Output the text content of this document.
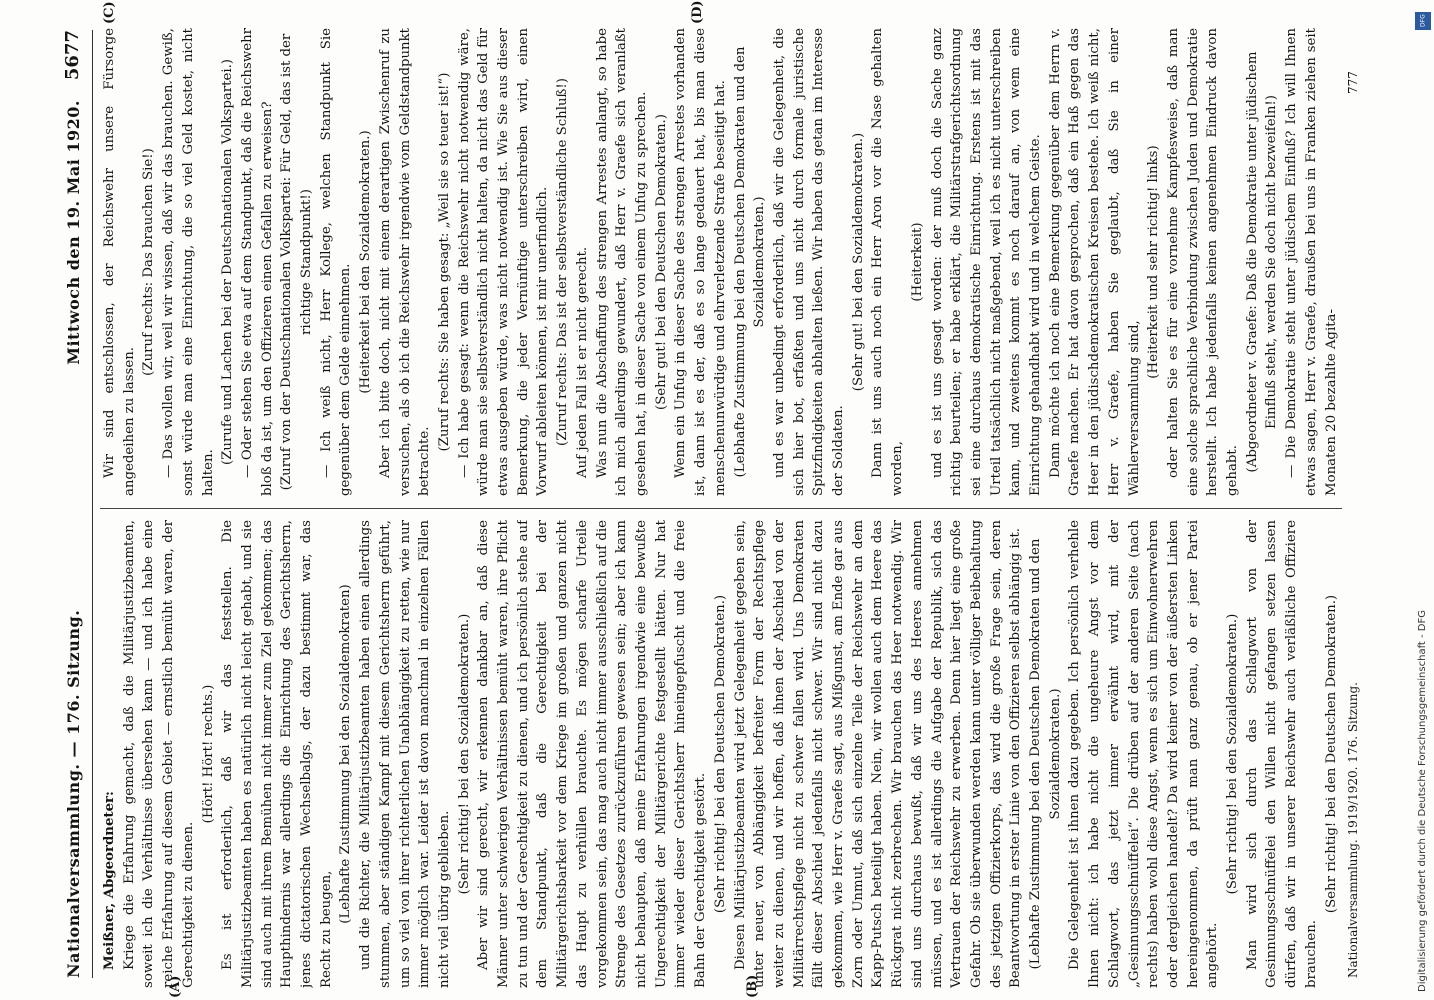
Nationalversammlung. — 176. Sitzung.
Mittwoch den 19. Mai 1920.
5677

Meißner, Abgeordneter: Kriege die Erfahrung gemacht, daß die Militärjustizbeamten, soweit ich die Verhältnisse übersehen kann — und ich habe eine reiche Erfahrung auf diesem Gebiet — ernstlich bemüht waren, der Gerechtigkeit zu dienen.

(Hört! Hört! rechts.) Es ist erforderlich, daß wir das feststellen. Die Militärjustizbeamten haben es natürlich nicht leicht gehabt, und sie sind auch mit ihrem Bemühen nicht immer zum Ziel gekommen; das Haupthindernis war allerdings die Einrichtung des Gerichtsherrn, jenes dictatorischen Wechselbalgs, der dazu bestimmt war, das Recht zu beugen,

(Lebhafte Zustimmung bei den Sozialdemokraten) und die Richter, die Militärjustizbeamten haben einen allerdings stummen, aber ständigen Kampf mit diesem Gerichtsherrn geführt, um so viel von ihrer richterlichen Unabhängigkeit zu retten, wie nur immer möglich war. Leider ist davon manchmal in einzelnen Fällen nicht viel übrig geblieben.

(Sehr richtig! bei den Sozialdemokraten.) Aber wir sind gerecht, wir erkennen dankbar an, daß diese Männer unter schwierigen Verhältnissen bemüht waren, ihre Pflicht zu tun und der Gerechtigkeit zu dienen, und ich persönlich stehe auf dem Standpunkt, daß die Gerechtigkeit bei der Militärgerichtsbarkeit vor dem Kriege im großen und ganzen nicht das Haupt zu verhüllen brauchte. Es mögen scharfe Urteile vorgekommen sein, das mag auch nicht immer ausschließlich auf die Strenge des Gesetzes zurückzuführen gewesen sein; aber ich kann nicht behaupten, daß meine Erfahrungen irgendwie eine bewußte Ungerechtigkeit der Militärgerichte festgestellt hätten. Nur hat immer wieder dieser Gerichtsherr hineingepfuscht und die freie Bahn der Gerechtigkeit gestört. (Sehr richtig! bei den Deutschen Demokraten.) Diesen Militärjustizbeamten wird jetzt Gelegenheit gegeben sein, unter neuer, von Abhängigkeit befreiter Form der Rechtspflege weiter zu dienen, und wir hoffen, daß ihnen der Abschied von der Militärrechtspflege nicht zu schwer fallen wird. Uns Demokraten fällt dieser Abschied jedenfalls nicht schwer. Wir sind nicht dazu gekommen, wie Herr v. Graefe sagt, aus Mißgunst, am Ende gar aus Zorn oder Unmut, daß sich einzelne Teile der Reichswehr an dem Kapp-Putsch beteiligt haben. Nein, wir wollen auch dem Heere das Rückgrat nicht zerbrechen. Wir brauchen das Heer notwendig. Wir sind uns durchaus bewußt, daß wir uns des Heeres annehmen müssen, und es ist allerdings die Aufgabe der Republik, sich das Vertrauen der Reichswehr zu erwerben. Denn hier liegt eine große Gefahr. Ob sie überwunden werden kann unter völliger Beibehaltung des jetzigen Offizierkorps, das wird die große Frage sein, deren Beantwortung in erster Linie von den Offizieren selbst abhängig ist. (Lebhafte Zustimmung bei den Deutschen Demokraten und den Sozialdemokraten.) Die Gelegenheit ist ihnen dazu gegeben. Ich persönlich verhehle Ihnen nicht: ich habe nicht die ungeheure Angst vor dem Schlagwort, das jetzt immer erwähnt wird, mit der „Gesinnungsschnüffelei“. Die drüben auf der anderen Seite (nach rechts) haben wohl diese Angst, wenn es sich um Einwohnerwehren oder dergleichen handelt? Da wird keiner von der äußersten Linken hereingenommen, da prüft man ganz genau, ob er jener Partei angehört.

(Sehr richtig! bei den Sozialdemokraten.) Man wird sich durch das Schlagwort von der Gesinnungsschnüffelei den Willen nicht gefangen setzen lassen dürfen, daß wir in unserer Reichswehr auch verläßliche Offiziere brauchen.

(Sehr richtig! bei den Deutschen Demokraten.)

Wir sind entschlossen, der Reichswehr unsere Fürsorge angedeihen zu lassen.

(Zuruf rechts: Das brauchen Sie!) — Das wollen wir, weil wir wissen, daß wir das brauchen. Gewiß, sonst würde man eine Einrichtung, die so viel Geld kostet, nicht halten.

(Zurufe und Lachen bei der Deutschnationalen Volkspartei.) — Oder stehen Sie etwa auf dem Standpunkt, daß die Reichswehr bloß da ist, um den Offizieren einen Gefallen zu erweisen? (Zuruf von der Deutschnationalen Volkspartei: Für Geld, das ist der richtige Standpunkt!) — Ich weiß nicht, Herr Kollege, welchen Standpunkt Sie gegenüber dem Gelde einnehmen. (Heiterkeit bei den Sozialdemokraten.) Aber ich bitte doch, nicht mit einem derartigen Zwischenruf zu versuchen, als ob ich die Reichswehr irgendwie vom Geldstandpunkt betrachte.

(Zuruf rechts: Sie haben gesagt: „Weil sie so teuer ist!“) — Ich habe gesagt: wenn die Reichswehr nicht notwendig wäre, würde man sie selbstverständlich nicht halten, da nicht das Geld für etwas ausgeben würde, was nicht notwendig ist. Wie Sie aus dieser Bemerkung, die jeder Vernünftige unterschreiben wird, einen Vorwurf ableiten können, ist mir unerfindlich. (Zuruf rechts: Das ist der selbstverständliche Schluß!) Auf jeden Fall ist er nicht gerecht. Was nun die Abschaffung des strengen Arrestes anlangt, so habe ich mich allerdings gewundert, daß Herr v. Graefe sich veranlaßt gesehen hat, in dieser Sache von einem Unfug zu sprechen. (Sehr gut! bei den Deutschen Demokraten.) Wenn ein Unfug in dieser Sache des strengen Arrestes vorhanden ist, dann ist es der, daß es so lange gedauert hat, bis man diese menschenunwürdige und ehrverletzende Strafe beseitigt hat. (Lebhafte Zustimmung bei den Deutschen Demokraten und den Sozialdemokraten.) und es war unbedingt erforderlich, daß wir die Gelegenheit, die sich hier bot, erfaßten und uns nicht durch formale juristische Spitzfindigkeiten abhalten ließen. Wir haben das getan im Interesse der Soldaten.

(Sehr gut! bei den Sozialdemokraten.) Dann ist uns auch noch ein Herr Aron vor die Nase gehalten worden,

(Heiterkeit) und es ist uns gesagt worden: der muß doch die Sache ganz richtig beurteilen; er habe erklärt, die Militärstrafgerichtsordnung sei eine durchaus demokratische Einrichtung. Erstens ist mit das Urteil tatsächlich nicht maßgebend, weil ich es nicht unterschreiben kann, und zweitens kommt es noch darauf an, von wem eine Einrichtung gehandhabt wird und in welchem Geiste. Dann möchte ich noch eine Bemerkung gegenüber dem Herrn v. Graefe machen. Er hat davon gesprochen, daß ein Haß gegen das Heer in den jüdischdemokratischen Kreisen bestehe. Ich weiß nicht, Herr v. Graefe, haben Sie geglaubt, daß Sie in einer Wählerversammlung sind,

(Heiterkeit und sehr richtig! links) oder halten Sie es für eine vornehme Kampfesweise, daß man eine solche sprachliche Verbindung zwischen Juden und Demokratie herstellt. Ich habe jedenfalls keinen angenehmen Eindruck davon gehabt. (Abgeordneter v. Graefe: Daß die Demokratie unter jüdischem Einfluß steht, werden Sie doch nicht bezweifeln!) — Die Demokratie steht unter jüdischem Einfluß? Ich will Ihnen etwas sagen, Herr v. Graefe, draußen bei uns in Franken ziehen seit Monaten 20 bezahlte Agita-

(A)	(B)
(C)	(D)
Nationalversammlung. 1919/1920. 176. Sitzung.
777
DFG
Digitalisierung gefördert durch die Deutsche Forschungsgemeinschaft - DFG
